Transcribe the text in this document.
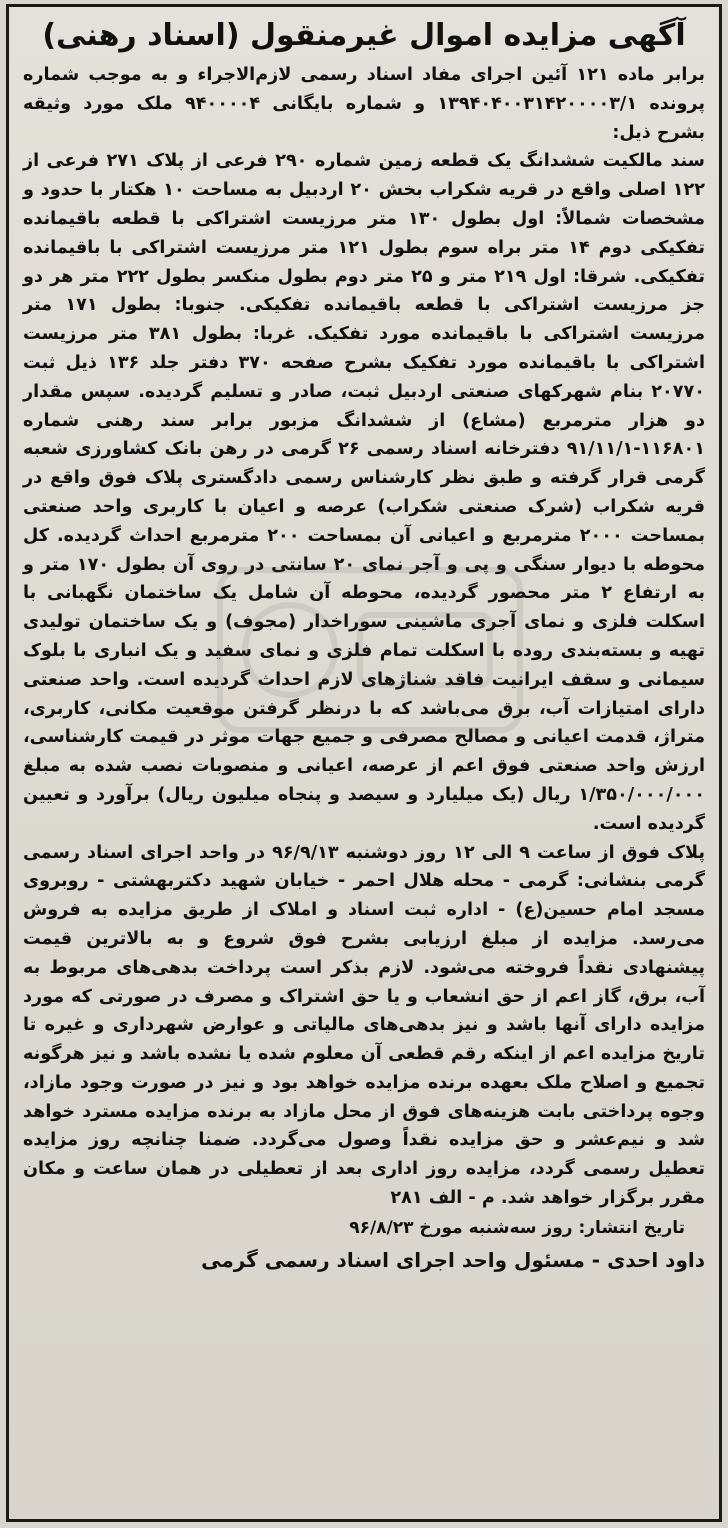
آگهی مزایده اموال غیرمنقول (اسناد رهنی)

برابر ماده ۱۲۱ آئین اجرای مفاد اسناد رسمی لازم‌الاجراء و به موجب شماره پرونده ۱۳۹۴۰۴۰۰۳۱۴۲۰۰۰۰۳/۱ و شماره بایگانی ۹۴۰۰۰۰۴ ملک مورد وثیقه بشرح ذیل:

سند مالکیت ششدانگ یک قطعه زمین شماره ۲۹۰ فرعی از پلاک ۲۷۱ فرعی از ۱۲۲ اصلی واقع در قریه شکراب بخش ۲۰ اردبیل به مساحت ۱۰ هکتار با حدود و مشخصات شمالاً: اول بطول ۱۳۰ متر مرزیست اشتراکی با قطعه باقیمانده تفکیکی دوم ۱۴ متر براه سوم بطول ۱۲۱ متر مرزیست اشتراکی با باقیمانده تفکیکی. شرقا: اول ۲۱۹ متر و ۲۵ متر دوم بطول منکسر بطول ۲۲۲ متر هر دو جز مرزیست اشتراکی با قطعه باقیمانده تفکیکی. جنوبا: بطول ۱۷۱ متر مرزیست اشتراکی با باقیمانده مورد تفکیک. غربا: بطول ۳۸۱ متر مرزیست اشتراکی با باقیمانده مورد تفکیک بشرح صفحه ۳۷۰ دفتر جلد ۱۳۶ ذیل ثبت ۲۰۷۷۰ بنام شهرکهای صنعتی اردبیل ثبت، صادر و تسلیم گردیده. سپس مقدار دو هزار مترمربع (مشاع) از ششدانگ مزبور برابر سند رهنی شماره ۱۱۶۸۰۱-۹۱/۱۱/۱ دفترخانه اسناد رسمی ۲۶ گرمی در رهن بانک کشاورزی شعبه گرمی قرار گرفته و طبق نظر کارشناس رسمی دادگستری پلاک فوق واقع در قریه شکراب (شرک صنعتی شکراب) عرصه و اعیان با کاربری واحد صنعتی بمساحت ۲۰۰۰ مترمربع و اعیانی آن بمساحت ۲۰۰ مترمربع احداث گردیده. کل محوطه با دیوار سنگی و پی و آجر نمای ۲۰ سانتی در روی آن بطول ۱۷۰ متر و به ارتفاع ۲ متر محصور گردیده، محوطه آن شامل یک ساختمان نگهبانی با اسکلت فلزی و نمای آجری ماشینی سوراخدار (مجوف) و یک ساختمان تولیدی تهیه و بسته‌بندی روده با اسکلت تمام فلزی و نمای سفید و یک انباری با بلوک سیمانی و سقف ایرانیت فاقد شناژهای لازم احداث گردیده است. واحد صنعتی دارای امتیازات آب، برق می‌باشد که با درنظر گرفتن موقعیت مکانی، کاربری، متراژ، قدمت اعیانی و مصالح مصرفی و جمیع جهات موثر در قیمت کارشناسی، ارزش واحد صنعتی فوق اعم از عرصه، اعیانی و منصوبات نصب شده به مبلغ ۱/۳۵۰/۰۰۰/۰۰۰ ریال (یک میلیارد و سیصد و پنجاه میلیون ریال) برآورد و تعیین گردیده است.

پلاک فوق از ساعت ۹ الی ۱۲ روز دوشنبه ۹۶/۹/۱۳ در واحد اجرای اسناد رسمی گرمی بنشانی: گرمی - محله هلال احمر - خیابان شهید دکتربهشتی - روبروی مسجد امام حسین(ع) - اداره ثبت اسناد و املاک از طریق مزایده به فروش می‌رسد. مزایده از مبلغ ارزیابی بشرح فوق شروع و به بالاترین قیمت پیشنهادی نقداً فروخته می‌شود. لازم بذکر است پرداخت بدهی‌های مربوط به آب، برق، گاز اعم از حق انشعاب و یا حق اشتراک و مصرف در صورتی که مورد مزایده دارای آنها باشد و نیز بدهی‌های مالیاتی و عوارض شهرداری و غیره تا تاریخ مزایده اعم از اینکه رقم قطعی آن معلوم شده یا نشده باشد و نیز هرگونه تجمیع و اصلاح ملک بعهده برنده مزایده خواهد بود و نیز در صورت وجود مازاد، وجوه پرداختی بابت هزینه‌های فوق از محل مازاد به برنده مزایده مسترد خواهد شد و نیم‌عشر و حق مزایده نقداً وصول می‌گردد. ضمنا چنانچه روز مزایده تعطیل رسمی گردد، مزایده روز اداری بعد از تعطیلی در همان ساعت و مکان مقرر برگزار خواهد شد. م - الف ۲۸۱

تاریخ انتشار: روز سه‌شنبه مورخ ۹۶/۸/۲۳
داود احدی - مسئول واحد اجرای اسناد رسمی گرمی
